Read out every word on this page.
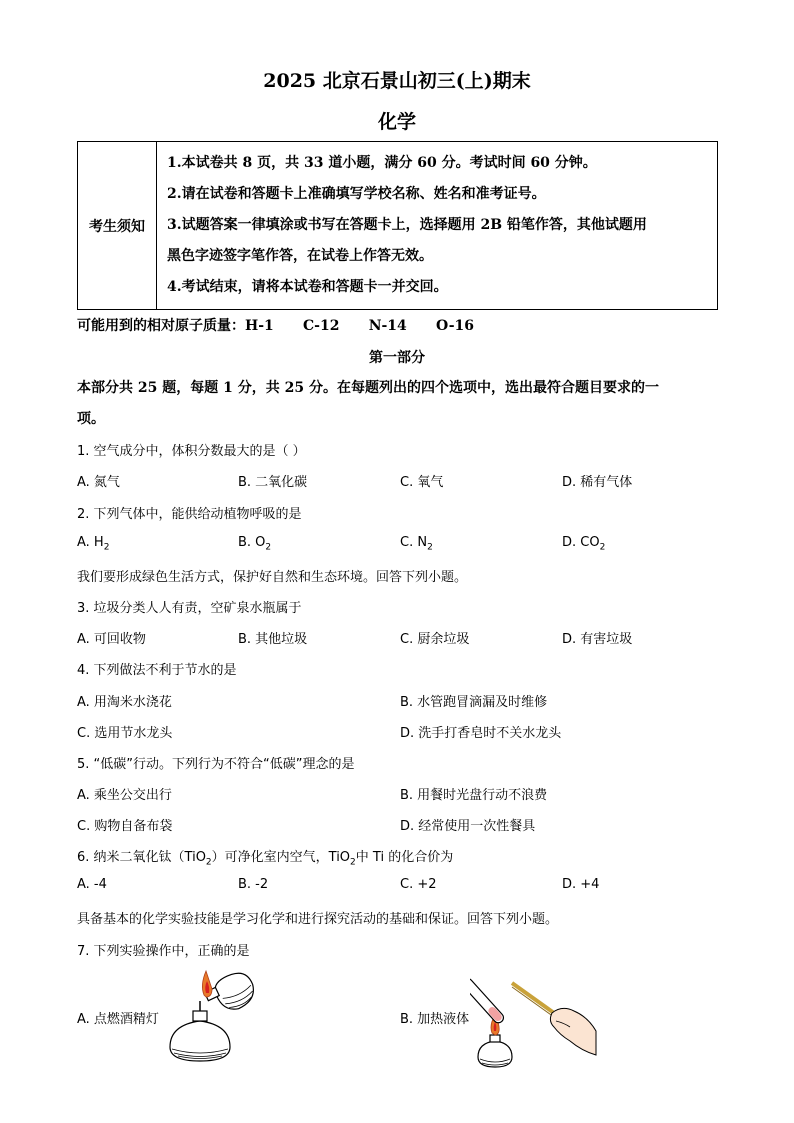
2025 北京石景山初三(上)期末
化学
考生须知	
1.本试卷共 8 页，共 33 道小题，满分 60 分。考试时间 60 分钟。
2.请在试卷和答题卡上准确填写学校名称、姓名和准考证号。
3.试题答案一律填涂或书写在答题卡上，选择题用 2B 铅笔作答，其他试题用
黑色字迹签字笔作答，在试卷上作答无效。
4.考试结束，请将本试卷和答题卡一并交回。
可能用到的相对原子质量：H-1      C-12      N-14      O-16
第一部分
本部分共 25 题，每题 1 分，共 25 分。在每题列出的四个选项中，选出最符合题目要求的一
项。
1. 空气成分中，体积分数最大的是（ ）
A. 氮气	B. 二氧化碳	C. 氧气	D. 稀有气体
2. 下列气体中，能供给动植物呼吸的是
A. $H_2$	B. $O_2$	C. $N_2$	D. $CO_2$
我们要形成绿色生活方式，保护好自然和生态环境。回答下列小题。
3. 垃圾分类人人有责，空矿泉水瓶属于
A. 可回收物	B. 其他垃圾	C. 厨余垃圾	D. 有害垃圾
4. 下列做法不利于节水的是
A. 用淘米水浇花	B. 水管跑冒滴漏及时维修
C. 选用节水龙头	D. 洗手打香皂时不关水龙头
5. “低碳”行动。下列行为不符合“低碳”理念的是
A. 乘坐公交出行	B. 用餐时光盘行动不浪费
C. 购物自备布袋	D. 经常使用一次性餐具
6. 纳米二氧化钛（TiO$_2$）可净化室内空气，TiO$_2$中 Ti 的化合价为
A. -4	B. -2	C. +2	D. +4
具备基本的化学实验技能是学习化学和进行探究活动的基础和保证。回答下列小题。
7. 下列实验操作中，正确的是
A. 点燃酒精灯	B. 加热液体
